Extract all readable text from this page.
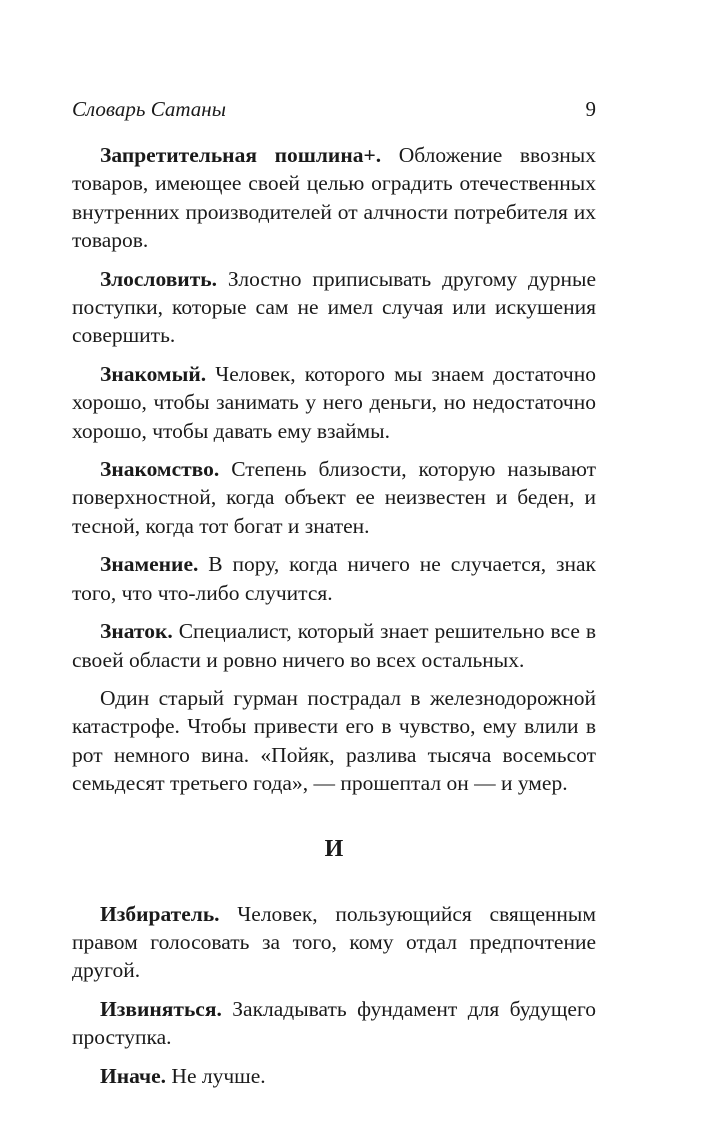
Словарь Сатаны	9

Запретительная пошлина+. Обложение ввозных товаров, имеющее своей целью оградить отечественных внутренних производителей от алчности потребителя их товаров.

Злословить. Злостно приписывать другому дурные поступки, которые сам не имел случая или искушения совершить.

Знакомый. Человек, которого мы знаем достаточно хорошо, чтобы занимать у него деньги, но недостаточно хорошо, чтобы давать ему взаймы.

Знакомство. Степень близости, которую называют поверхностной, когда объект ее неизвестен и беден, и тесной, когда тот богат и знатен.

Знамение. В пору, когда ничего не случается, знак того, что что-либо случится.

Знаток. Специалист, который знает решительно все в своей области и ровно ничего во всех остальных.

Один старый гурман пострадал в железнодорожной катастрофе. Чтобы привести его в чувство, ему влили в рот немного вина. «Пойяк, разлива тысяча восемьсот семьдесят третьего года», — прошептал он — и умер.

И

Избиратель. Человек, пользующийся священным правом голосовать за того, кому отдал предпочтение другой.

Извиняться. Закладывать фундамент для будущего проступка.

Иначе. Не лучше.
